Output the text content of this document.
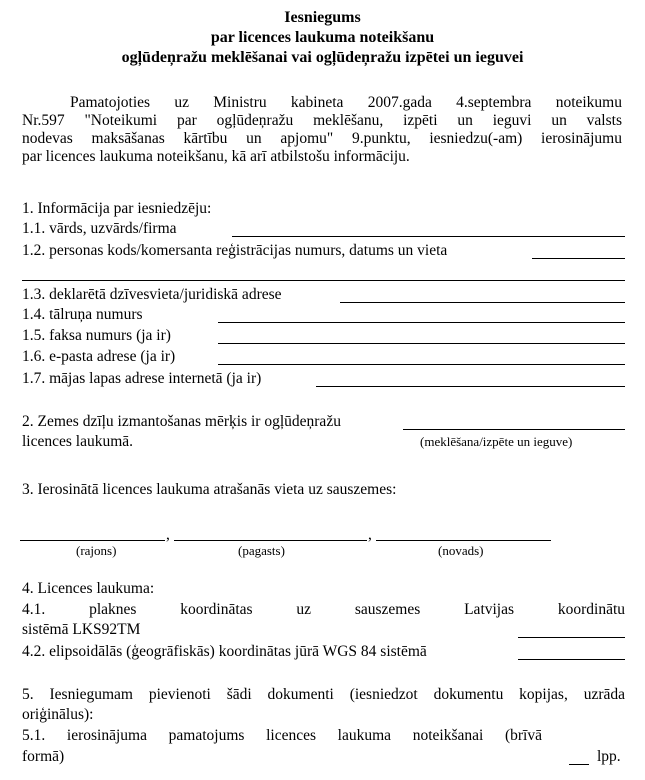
Iesniegums
par licences laukuma noteikšanu
ogļūdeņražu meklēšanai vai ogļūdeņražu izpētei un ieguvei
Pamatojoties uz Ministru kabineta 2007.gada 4.septembra noteikumu
Nr.597 "Noteikumi par ogļūdeņražu meklēšanu, izpēti un ieguvi un valsts
nodevas maksāšanas kārtību un apjomu" 9.punktu, iesniedzu(-am) ierosinājumu
par licences laukuma noteikšanu, kā arī atbilstošu informāciju.
1. Informācija par iesniedzēju:
1.1. vārds, uzvārds/firma
1.2. personas kods/komersanta reģistrācijas numurs, datums un vieta
1.3. deklarētā dzīvesvieta/juridiskā adrese
1.4. tālruņa numurs
1.5. faksa numurs (ja ir)
1.6. e-pasta adrese (ja ir)
1.7. mājas lapas adrese internetā (ja ir)
2. Zemes dzīļu izmantošanas mērķis ir ogļūdeņražu
licences laukumā.	(meklēšana/izpēte un ieguve)
3. Ierosinātā licences laukuma atrašanās vieta uz sauszemes:
,	,
(rajons)	(pagasts)	(novads)
4. Licences laukuma:
4.1. plaknes koordinātas uz sauszemes Latvijas koordinātu
sistēmā LKS92TM
4.2. elipsoidālās (ģeogrāfiskās) koordinātas jūrā WGS 84 sistēmā
5. Iesniegumam pievienoti šādi dokumenti (iesniedzot dokumentu kopijas, uzrāda
oriģinālus):
5.1. ierosinājuma pamatojums licences laukuma noteikšanai (brīvā
formā)	lpp.
